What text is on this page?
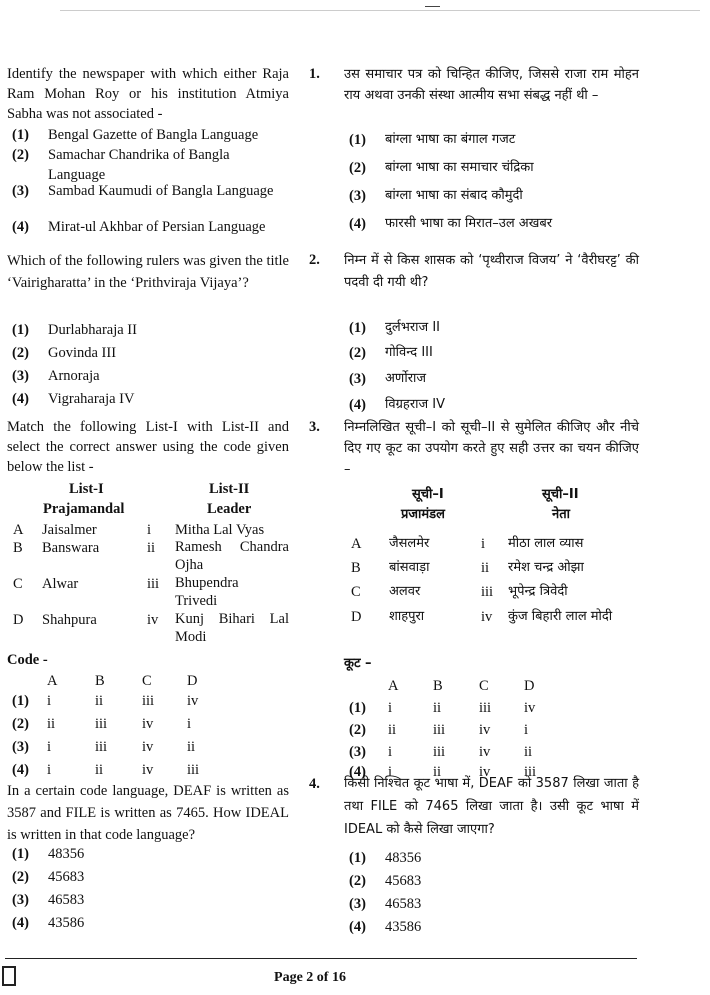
Identify the newspaper with which either Raja Ram Mohan Roy or his institution Atmiya Sabha was not associated -
(1) Bengal Gazette of Bangla Language
(2) Samachar Chandrika of Bangla Language
(3) Sambad Kaumudi of Bangla Language
(4) Mirat-ul Akhbar of Persian Language
Which of the following rulers was given the title ‘Vairigharatta’ in the ‘Prithviraja Vijaya’?
(1) Durlabharaja II
(2) Govinda III
(3) Arnoraja
(4) Vigraharaja IV
Match the following List-I with List-II and select the correct answer using the code given below the list -
List-I	List-II
Prajamandal	Leader
A Jaisalmer	i Mitha Lal Vyas
B Banswara	ii Ramesh Chandra Ojha
C Alwar	iii Bhupendra Trivedi
D Shahpura	iv Kunj Bihari Lal Modi
Code -
A	B	C D
(1) i	ii	iii iv
(2) ii	iii iv i
(3) i	iii iv ii
(4) i	ii	iv iii
In a certain code language, DEAF is written as 3587 and FILE is written as 7465. How IDEAL is written in that code language?
(1) 48356
(2) 45683
(3) 46583
(4) 43586
1.	उस समाचार पत्र को चिन्हित कीजिए, जिससे राजा राम मोहन राय अथवा उनकी संस्था आत्मीय सभा संबद्ध नहीं थी –
(1) बांग्ला भाषा का बंगाल गजट
(2) बांग्ला भाषा का समाचार चंद्रिका
(3) बांग्ला भाषा का संबाद कौमुदी
(4) फारसी भाषा का मिरात–उल अखबर
2.	निम्न में से किस शासक को ‘पृथ्वीराज विजय’ ने ‘वैरीघरट्ट’ की पदवी दी गयी थी?
(1) दुर्लभराज II
(2) गोविन्द III
(3) अर्णोराज
(4) विग्रहराज IV
3.	निम्नलिखित सूची–I को सूची–II से सुमेलित कीजिए और नीचे दिए गए कूट का उपयोग करते हुए सही उत्तर का चयन कीजिए –
सूची–I	सूची–II
प्रजामंडल	नेता
A जैसलमेर	i मीठा लाल व्यास
B बांसवाड़ा	ii रमेश चन्द्र ओझा
C अलवर	iii भूपेन्द्र त्रिवेदी
D शाहपुरा	iv कुंज बिहारी लाल मोदी
कूट –
A B	C D
(1) i	ii	iii iv
(2) ii	iii iv i
(3) i	iii iv ii
(4) i	ii	iv iii
4.	किसी निश्चित कूट भाषा में, DEAF को 3587 लिखा जाता है तथा FILE को 7465 लिखा जाता है। उसी कूट भाषा में IDEAL को कैसे लिखा जाएगा?
(1) 48356
(2) 45683
(3) 46583
(4) 43586
Page 2 of 16
